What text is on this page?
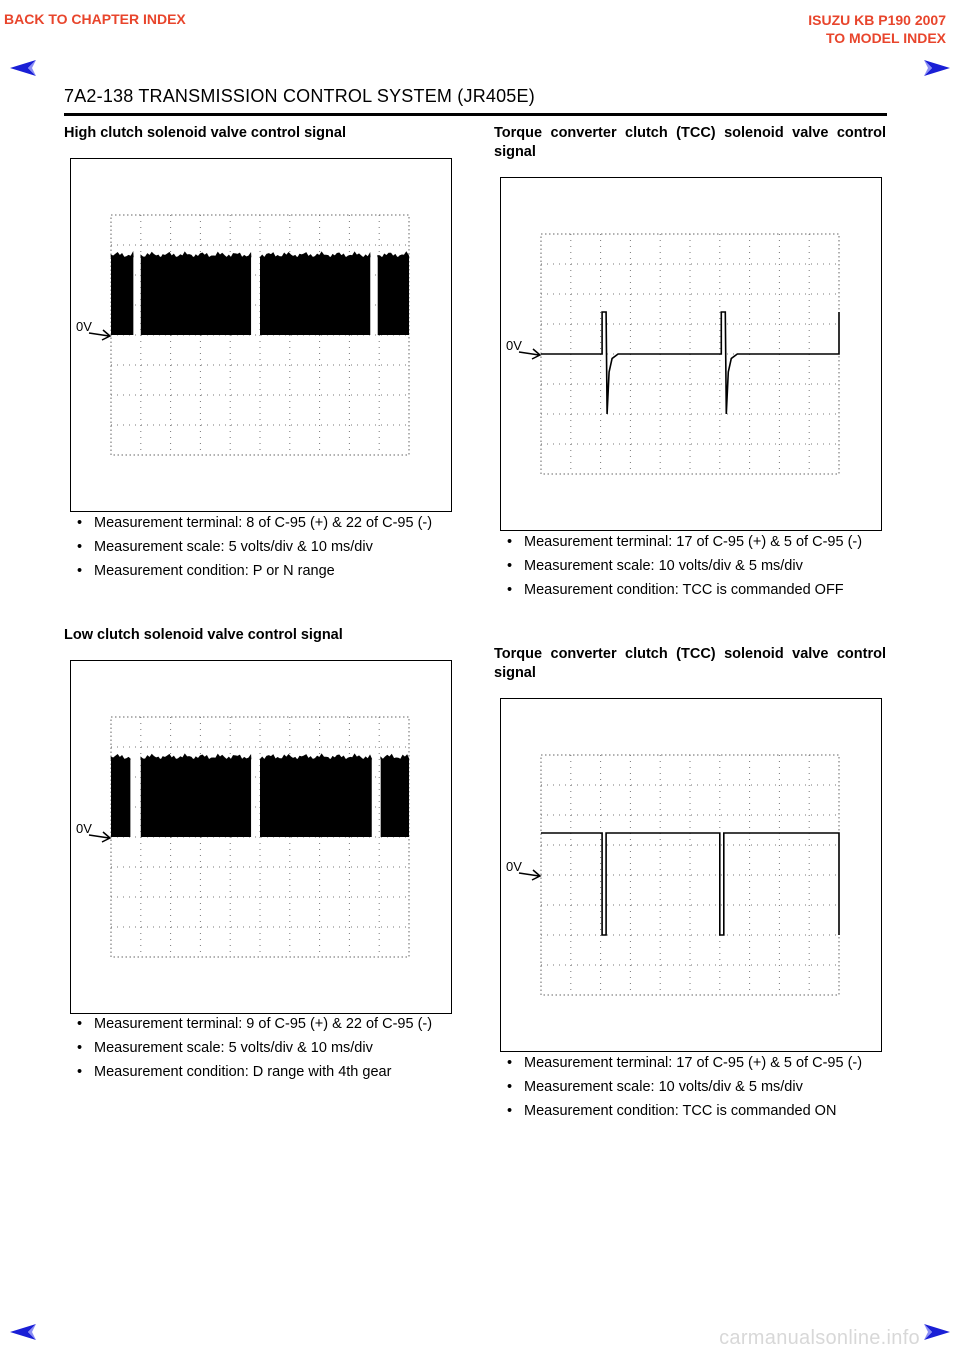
BACK TO CHAPTER INDEX	ISUZU KB P190 2007
TO MODEL INDEX
7A2-138 TRANSMISSION CONTROL SYSTEM (JR405E)
High clutch solenoid valve control signal
0V
• Measurement terminal: 8 of C-95 (+) & 22 of C-95 (-)
• Measurement scale: 5 volts/div & 10 ms/div
• Measurement condition: P or N range
Low clutch solenoid valve control signal
0V
• Measurement terminal: 9 of C-95 (+) & 22 of C-95 (-)
• Measurement scale: 5 volts/div & 10 ms/div
• Measurement condition: D range with 4th gear
Torque converter clutch (TCC) solenoid valve control signal
0V
• Measurement terminal: 17 of C-95 (+) & 5 of C-95 (-)
• Measurement scale: 10 volts/div & 5 ms/div
• Measurement condition: TCC is commanded OFF
Torque converter clutch (TCC) solenoid valve control signal
0V
• Measurement terminal: 17 of C-95 (+) & 5 of C-95 (-)
• Measurement scale: 10 volts/div & 5 ms/div
• Measurement condition: TCC is commanded ON
carmanualsonline.info
